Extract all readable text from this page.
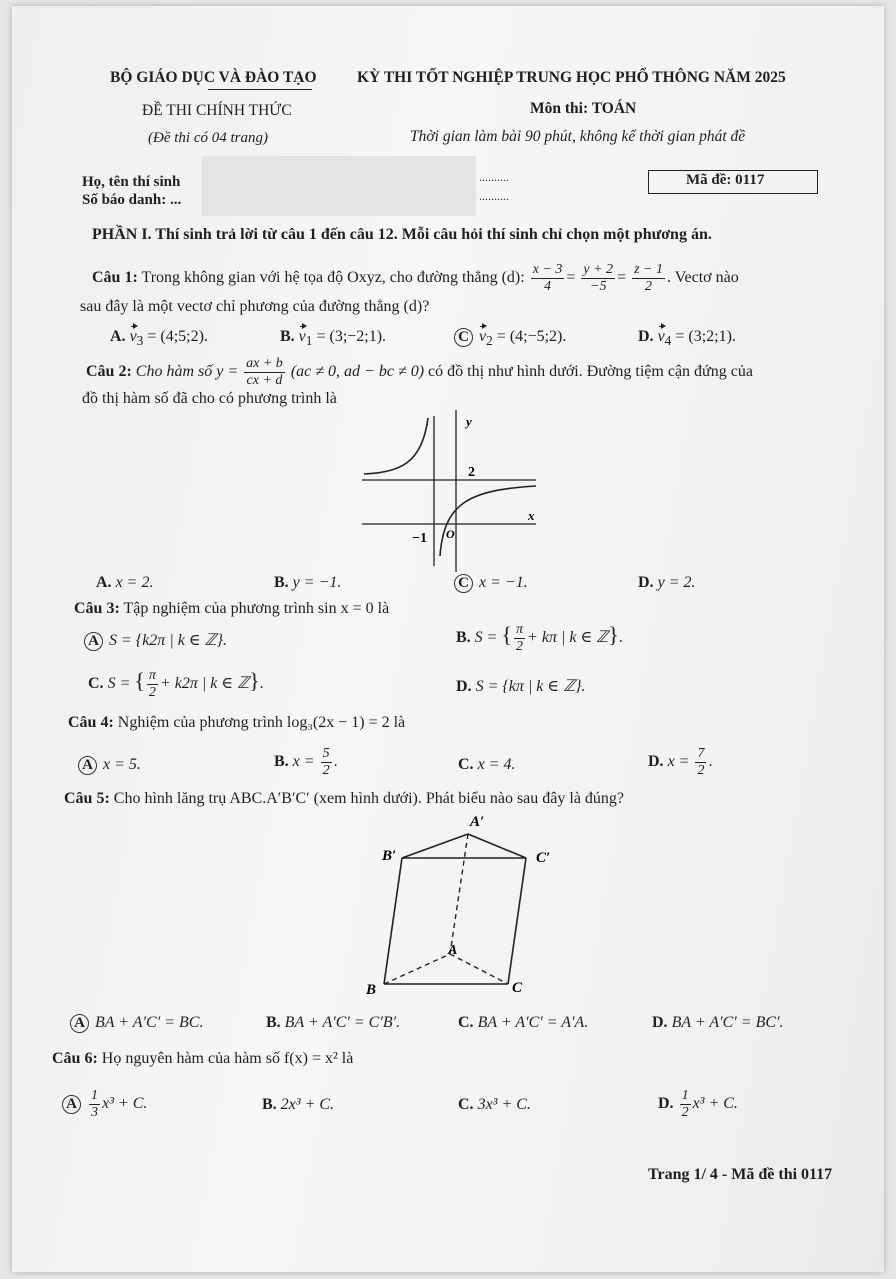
BỘ GIÁO DỤC VÀ ĐÀO TẠO	KỲ THI TỐT NGHIỆP TRUNG HỌC PHỔ THÔNG NĂM 2025
ĐỀ THI CHÍNH THỨC	Môn thi: TOÁN
(Đề thi có 04 trang)	Thời gian làm bài 90 phút, không kể thời gian phát đề
Họ, tên thí sinh
Số báo danh: ...
..........
..........
Mã đề: 0117
PHẦN I. Thí sinh trả lời từ câu 1 đến câu 12. Mỗi câu hỏi thí sinh chỉ chọn một phương án.
Câu 1: Trong không gian với hệ tọa độ Oxyz, cho đường thẳng (d): $\frac{x - 3}{4} = \frac{y + 2}{-5} = \frac{z - 1}{2}$ . Vectơ nào
sau đây là một vectơ chỉ phương của đường thẳng (d)?
A. $v_3$ = (4;5;2).	B. $v_1$ = (3;−2;1).	C $v_2$ = (4;−5;2).	D. $v_4$ = (3;2;1).
Câu 2: Cho hàm số $y = \frac{ax + b}{cx + d} (ac \ne 0$, ad − bc ≠ 0) có đồ thị như hình dưới. Đường tiệm cận đứng của
đồ thị hàm số đã cho có phương trình là
y
x
2
−1 O
A. x = 2.	B. y = −1.	C x = −1.	D. y = 2.
Câu 3: Tập nghiệm của phương trình sin x = 0 là
A S = {k2π | k ∈ ℤ}.	B. S = { $\frac{\pi}{2} + k\pi$ | k ∈ ℤ}.
C. S = { $\frac{\pi}{2} + k2\pi$ | k ∈ ℤ}.	D. S = {kπ | k ∈ ℤ}.
Câu 4: Nghiệm của phương trình log₃(2x − 1) = 2 là
A x = 5.	B. $x = \frac{5}{2}$ .	C. x = 4.	D. $x = \frac{7}{2}$ .
Câu 5: Cho hình lăng trụ ABC.A′B′C′ (xem hình dưới). Phát biểu nào sau đây là đúng?
A′
B′	C′
A
B	C
A BA + A′C′ = BC.	B. BA + A′C′ = C′B′.	C. BA + A′C′ = A′A.	D. BA + A′C′ = BC′.
Câu 6: Họ nguyên hàm của hàm số f(x) = x² là
A $\frac{1}{3} x^3 + C$.	B. 2x³ + C.	C. 3x³ + C.	D. $\frac{1}{2} x^3 + C$.
Trang 1/ 4 - Mã đề thi 0117
